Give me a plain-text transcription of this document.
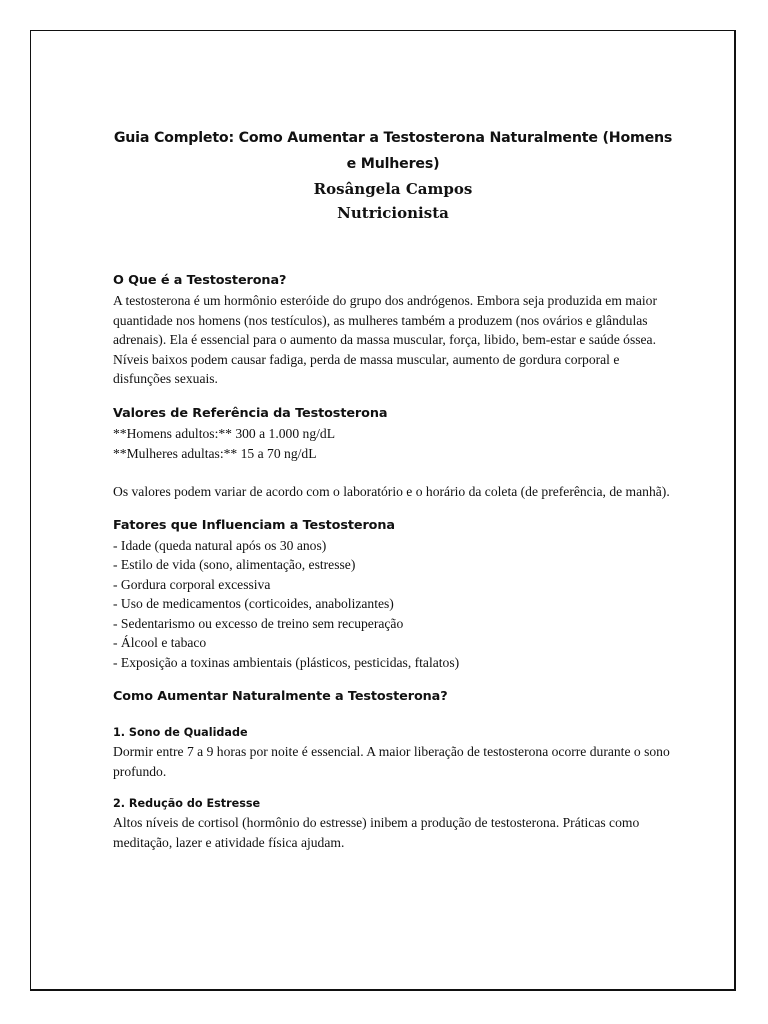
Guia Completo: Como Aumentar a Testosterona Naturalmente (Homens e Mulheres)
Rosângela Campos
Nutricionista
O Que é a Testosterona?

A testosterona é um hormônio esteróide do grupo dos andrógenos. Embora seja produzida em maior quantidade nos homens (nos testículos), as mulheres também a produzem (nos ovários e glândulas adrenais). Ela é essencial para o aumento da massa muscular, força, libido, bem-estar e saúde óssea. Níveis baixos podem causar fadiga, perda de massa muscular, aumento de gordura corporal e disfunções sexuais.

Valores de Referência da Testosterona
**Homens adultos:** 300 a 1.000 ng/dL
**Mulheres adultas:** 15 a 70 ng/dL

Os valores podem variar de acordo com o laboratório e o horário da coleta (de preferência, de manhã).

Fatores que Influenciam a Testosterona
- Idade (queda natural após os 30 anos)
- Estilo de vida (sono, alimentação, estresse)
- Gordura corporal excessiva
- Uso de medicamentos (corticoides, anabolizantes)
- Sedentarismo ou excesso de treino sem recuperação
- Álcool e tabaco
- Exposição a toxinas ambientais (plásticos, pesticidas, ftalatos)
Como Aumentar Naturalmente a Testosterona?
1. Sono de Qualidade

Dormir entre 7 a 9 horas por noite é essencial. A maior liberação de testosterona ocorre durante o sono profundo.

2. Redução do Estresse

Altos níveis de cortisol (hormônio do estresse) inibem a produção de testosterona. Práticas como meditação, lazer e atividade física ajudam.
